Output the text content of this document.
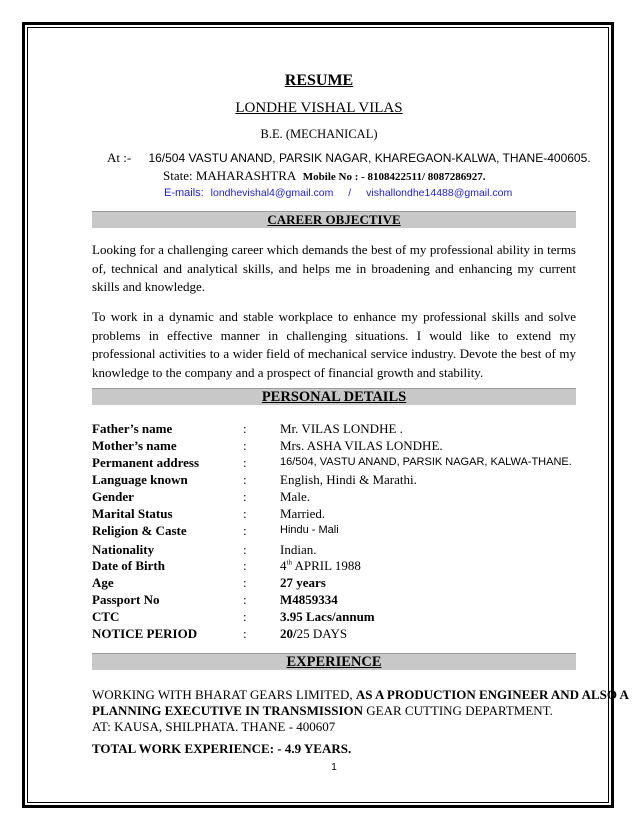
RESUME
LONDHE VISHAL VILAS
B.E. (MECHANICAL)
At :- 16/504 VASTU ANAND, PARSIK NAGAR, KHAREGAON-KALWA, THANE-400605.
State: MAHARASHTRA Mobile No : - 8108422511/ 8087286927.
E-mails: londhevishal4@gmail.com / vishallondhe14488@gmail.com
CAREER OBJECTIVE
Looking for a challenging career which demands the best of my professional ability in terms of, technical and analytical skills, and helps me in broadening and enhancing my current skills and knowledge.
To work in a dynamic and stable workplace to enhance my professional skills and solve problems in effective manner in challenging situations. I would like to extend my professional activities to a wider field of mechanical service industry. Devote the best of my knowledge to the company and a prospect of financial growth and stability.
PERSONAL DETAILS
Father’s name	:	Mr. VILAS LONDHE .
Mother’s name	:	Mrs. ASHA VILAS LONDHE.
Permanent address	:	16/504, VASTU ANAND, PARSIK NAGAR, KALWA-THANE.
Language known	:	English, Hindi & Marathi.
Gender	:	Male.
Marital Status	:	Married.
Religion & Caste	:	Hindu - Mali
Nationality	:	Indian.
Date of Birth	:	4th APRIL 1988
Age	:	27 years
Passport No	:	M4859334
CTC	:	3.95 Lacs/annum
NOTICE PERIOD	:	20/25 DAYS
EXPERIENCE
WORKING WITH BHARAT GEARS LIMITED, AS A PRODUCTION ENGINEER AND ALSO A
PLANNING EXECUTIVE IN TRANSMISSION GEAR CUTTING DEPARTMENT.
AT: KAUSA, SHILPHATA. THANE - 400607
TOTAL WORK EXPERIENCE: - 4.9 YEARS.
1
